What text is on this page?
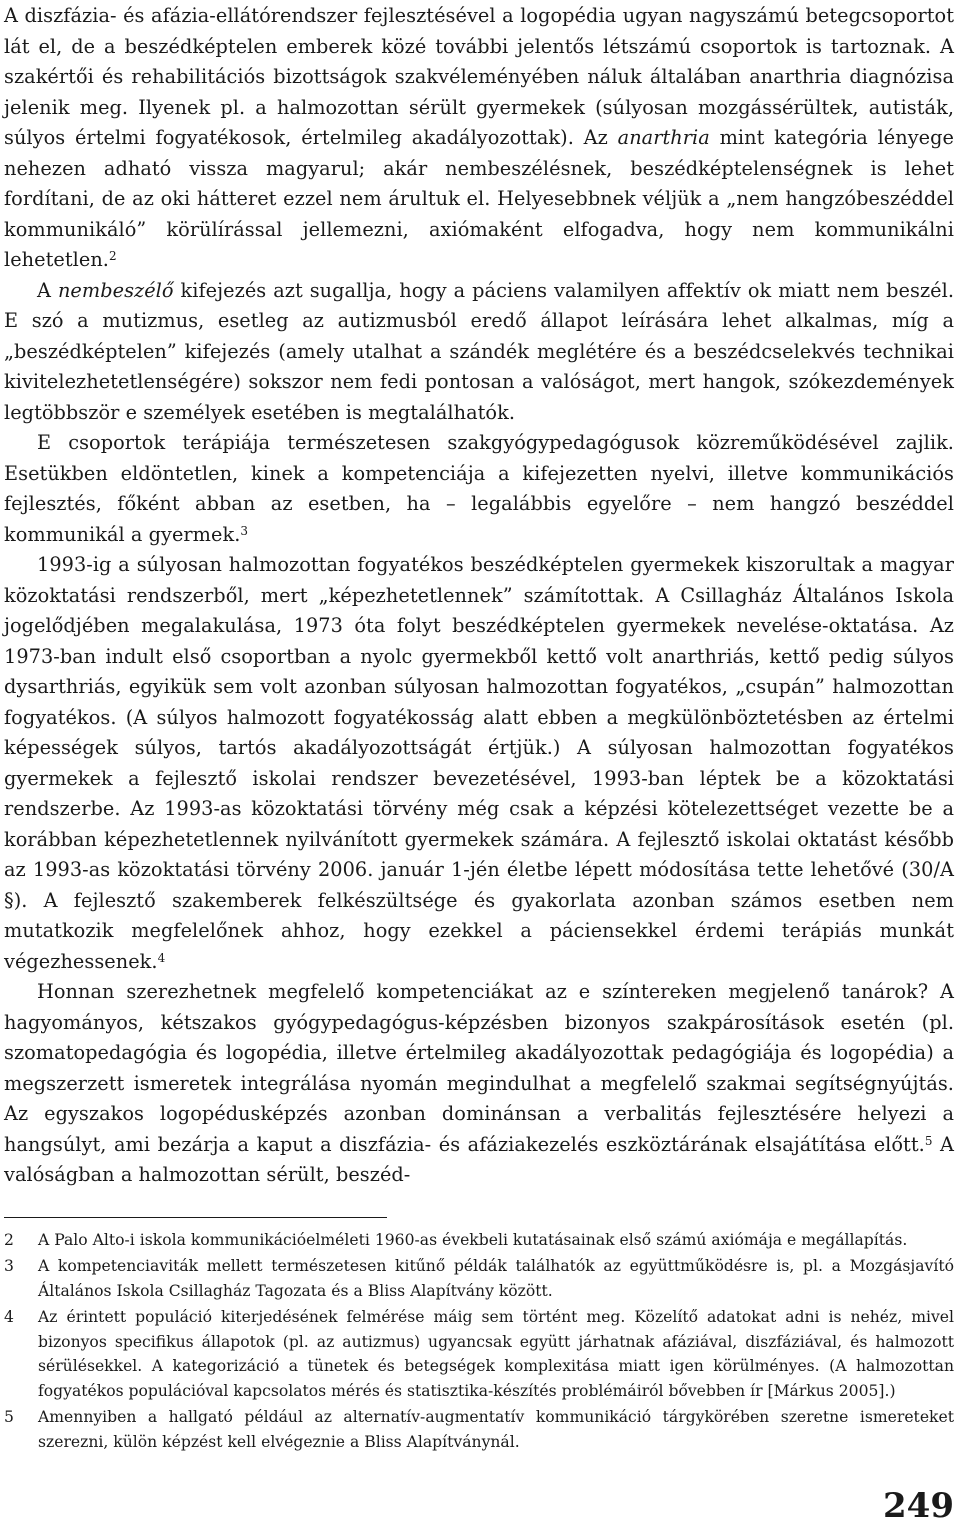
A diszfázia- és afázia-ellátórendszer fejlesztésével a logopédia ugyan nagyszámú betegcsoportot lát el, de a beszédképtelen emberek közé további jelentős létszámú csoportok is tartoznak. A szakértői és rehabilitációs bizottságok szakvéleményében náluk általában anarthria diagnózisa jelenik meg. Ilyenek pl. a halmozottan sérült gyermekek (súlyosan mozgássérültek, autisták, súlyos értelmi fogyatékosok, értelmileg akadályozottak). Az anarthria mint kategória lényege nehezen adható vissza magyarul; akár nembeszélésnek, beszédképtelenségnek is lehet fordítani, de az oki hátteret ezzel nem árultuk el. Helyesebbnek véljük a „nem hangzóbeszéddel kommunikáló” körülírással jellemezni, axiómaként elfogadva, hogy nem kommunikálni lehetetlen.$^2$

A nembeszélő kifejezés azt sugallja, hogy a páciens valamilyen affektív ok miatt nem beszél. E szó a mutizmus, esetleg az autizmusból eredő állapot leírására lehet alkalmas, míg a „beszédképtelen” kifejezés (amely utalhat a szándék meglétére és a beszédcselekvés technikai kivitelezhetetlenségére) sokszor nem fedi pontosan a valóságot, mert hangok, szókezdemények legtöbbször e személyek esetében is megtalálhatók.

E csoportok terápiája természetesen szakgyógypedagógusok közreműködésével zajlik. Esetükben eldöntetlen, kinek a kompetenciája a kifejezetten nyelvi, illetve kommunikációs fejlesztés, főként abban az esetben, ha – legalábbis egyelőre – nem hangzó beszéddel kommunikál a gyermek.$^3$

1993-ig a súlyosan halmozottan fogyatékos beszédképtelen gyermekek kiszorultak a magyar közoktatási rendszerből, mert „képezhetetlennek” számítottak. A Csillagház Általános Iskola jogelődjében megalakulása, 1973 óta folyt beszédképtelen gyermekek nevelése-oktatása. Az 1973-ban indult első csoportban a nyolc gyermekből kettő volt anarthriás, kettő pedig súlyos dysarthriás, egyikük sem volt azonban súlyosan halmozottan fogyatékos, „csupán” halmozottan fogyatékos. (A súlyos halmozott fogyatékosság alatt ebben a megkülönböztetésben az értelmi képességek súlyos, tartós akadályozottságát értjük.) A súlyosan halmozottan fogyatékos gyermekek a fejlesztő iskolai rendszer bevezetésével, 1993-ban léptek be a közoktatási rendszerbe. Az 1993-as közoktatási törvény még csak a képzési kötelezettséget vezette be a korábban képezhetetlennek nyilvánított gyermekek számára. A fejlesztő iskolai oktatást később az 1993-as közoktatási törvény 2006. január 1-jén életbe lépett módosítása tette lehetővé (30/A §). A fejlesztő szakemberek felkészültsége és gyakorlata azonban számos esetben nem mutatkozik megfelelőnek ahhoz, hogy ezekkel a páciensekkel érdemi terápiás munkát végezhessenek.$^4$

Honnan szerezhetnek megfelelő kompetenciákat az e színtereken megjelenő tanárok? A hagyományos, kétszakos gyógypedagógus-képzésben bizonyos szakpárosítások esetén (pl. szomatopedagógia és logopédia, illetve értelmileg akadályozottak pedagógiája és logopédia) a megszerzett ismeretek integrálása nyomán megindulhat a megfelelő szakmai segítségnyújtás. Az egyszakos logopédusképzés azonban dominánsan a verbalitás fejlesztésére helyezi a hangsúlyt, ami bezárja a kaput a diszfázia- és afáziakezelés eszköztárának elsajátítása előtt.$^5$ A valóságban a halmozottan sérült, beszéd-

2	A Palo Alto-i iskola kommunikációelméleti 1960-as évekbeli kutatásainak első számú axiómája e megállapítás.
3	A kompetenciaviták mellett természetesen kitűnő példák találhatók az együttműködésre is, pl. a Mozgásjavító Általános Iskola Csillagház Tagozata és a Bliss Alapítvány között.
4	Az érintett populáció kiterjedésének felmérése máig sem történt meg. Közelítő adatokat adni is nehéz, mivel bizonyos specifikus állapotok (pl. az autizmus) ugyancsak együtt járhatnak afáziával, diszfáziával, és halmozott sérülésekkel. A kategorizáció a tünetek és betegségek komplexitása miatt igen körülményes. (A halmozottan fogyatékos populációval kapcsolatos mérés és statisztika-készítés problémáiról bővebben ír [Márkus 2005].)
5	Amennyiben a hallgató például az alternatív-augmentatív kommunikáció tárgykörében szeretne ismereteket szerezni, külön képzést kell elvégeznie a Bliss Alapítványnál.
249
